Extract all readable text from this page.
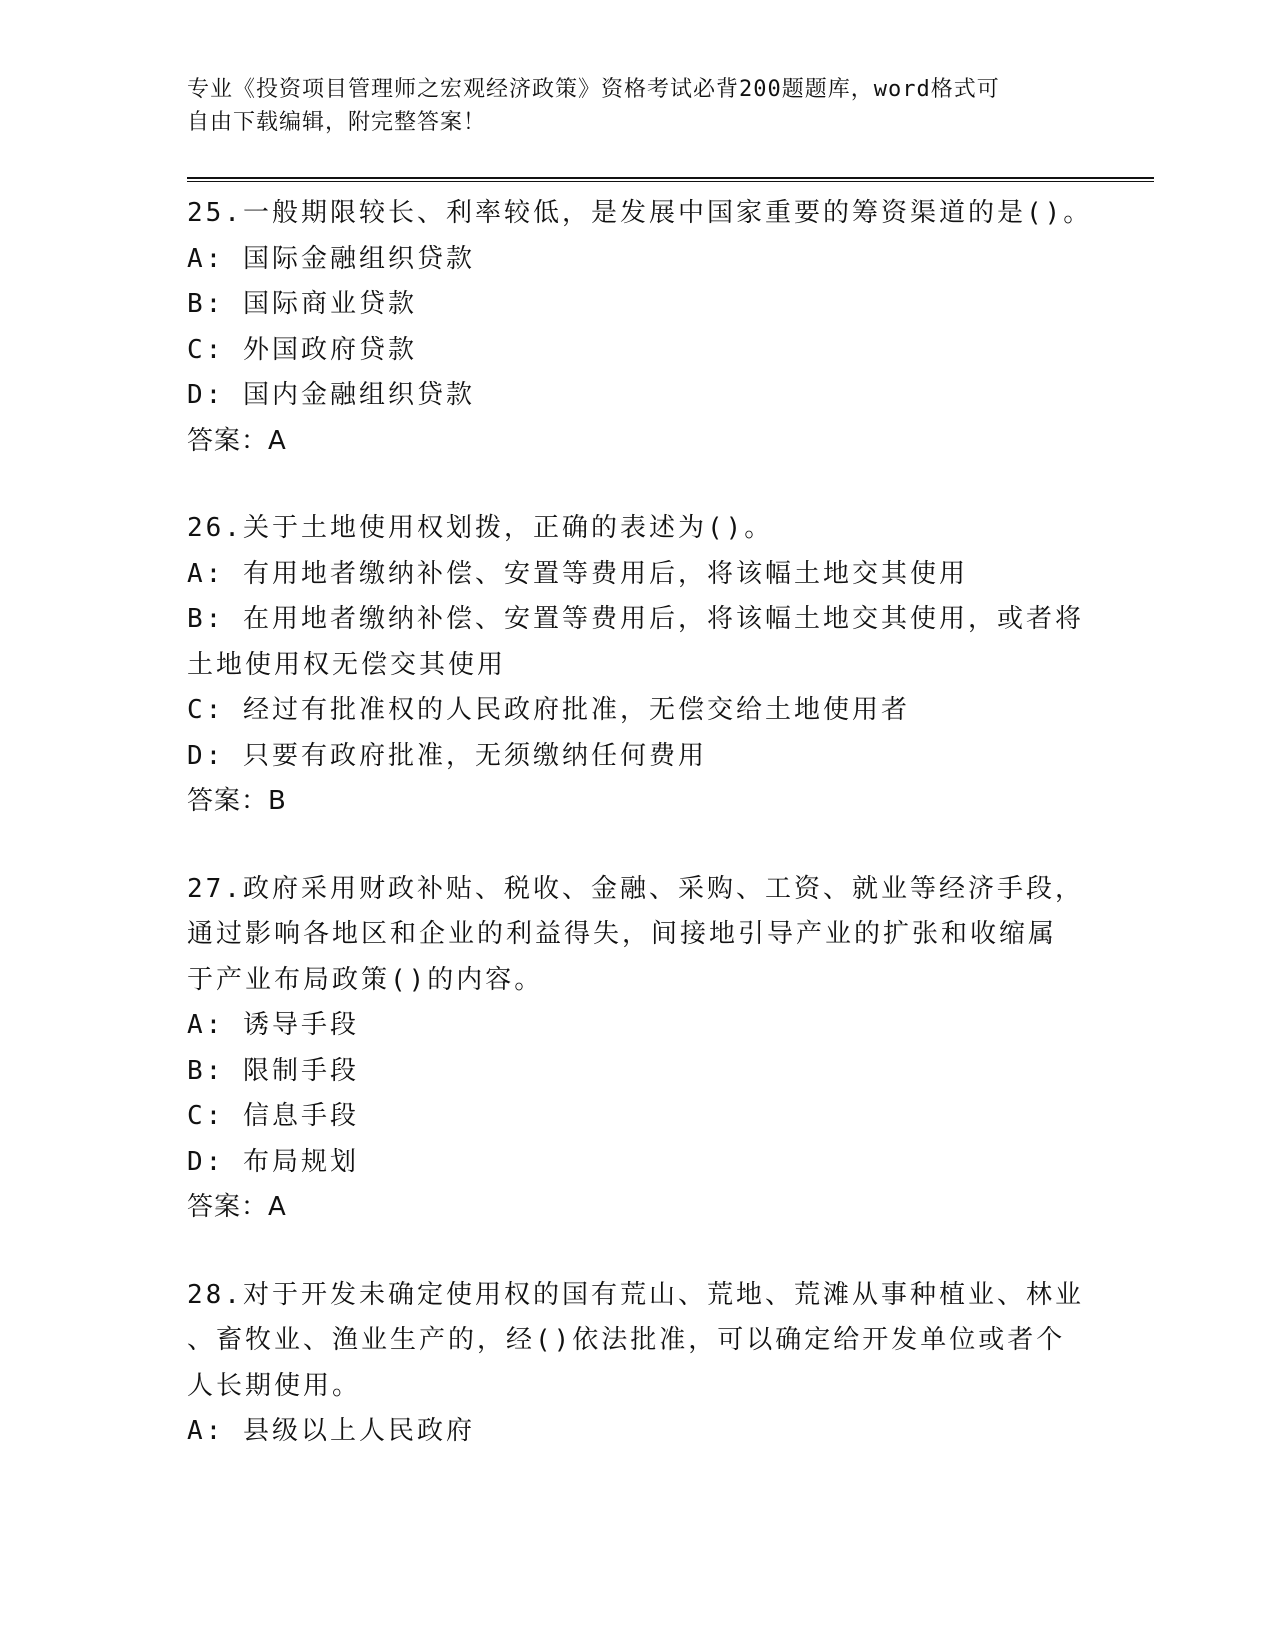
专业《投资项目管理师之宏观经济政策》资格考试必背200题题库，word格式可
自由下载编辑，附完整答案！
25.一般期限较长、利率较低，是发展中国家重要的筹资渠道的是()。
A: 国际金融组织贷款
B: 国际商业贷款
C: 外国政府贷款
D: 国内金融组织贷款
答案：A
26.关于土地使用权划拨，正确的表述为()。
A: 有用地者缴纳补偿、安置等费用后，将该幅土地交其使用
B: 在用地者缴纳补偿、安置等费用后，将该幅土地交其使用，或者将
土地使用权无偿交其使用
C: 经过有批准权的人民政府批准，无偿交给土地使用者
D: 只要有政府批准，无须缴纳任何费用
答案：B
27.政府采用财政补贴、税收、金融、采购、工资、就业等经济手段，
通过影响各地区和企业的利益得失，间接地引导产业的扩张和收缩属
于产业布局政策()的内容。
A: 诱导手段
B: 限制手段
C: 信息手段
D: 布局规划
答案：A
28.对于开发未确定使用权的国有荒山、荒地、荒滩从事种植业、林业
、畜牧业、渔业生产的，经()依法批准，可以确定给开发单位或者个
人长期使用。
A: 县级以上人民政府
